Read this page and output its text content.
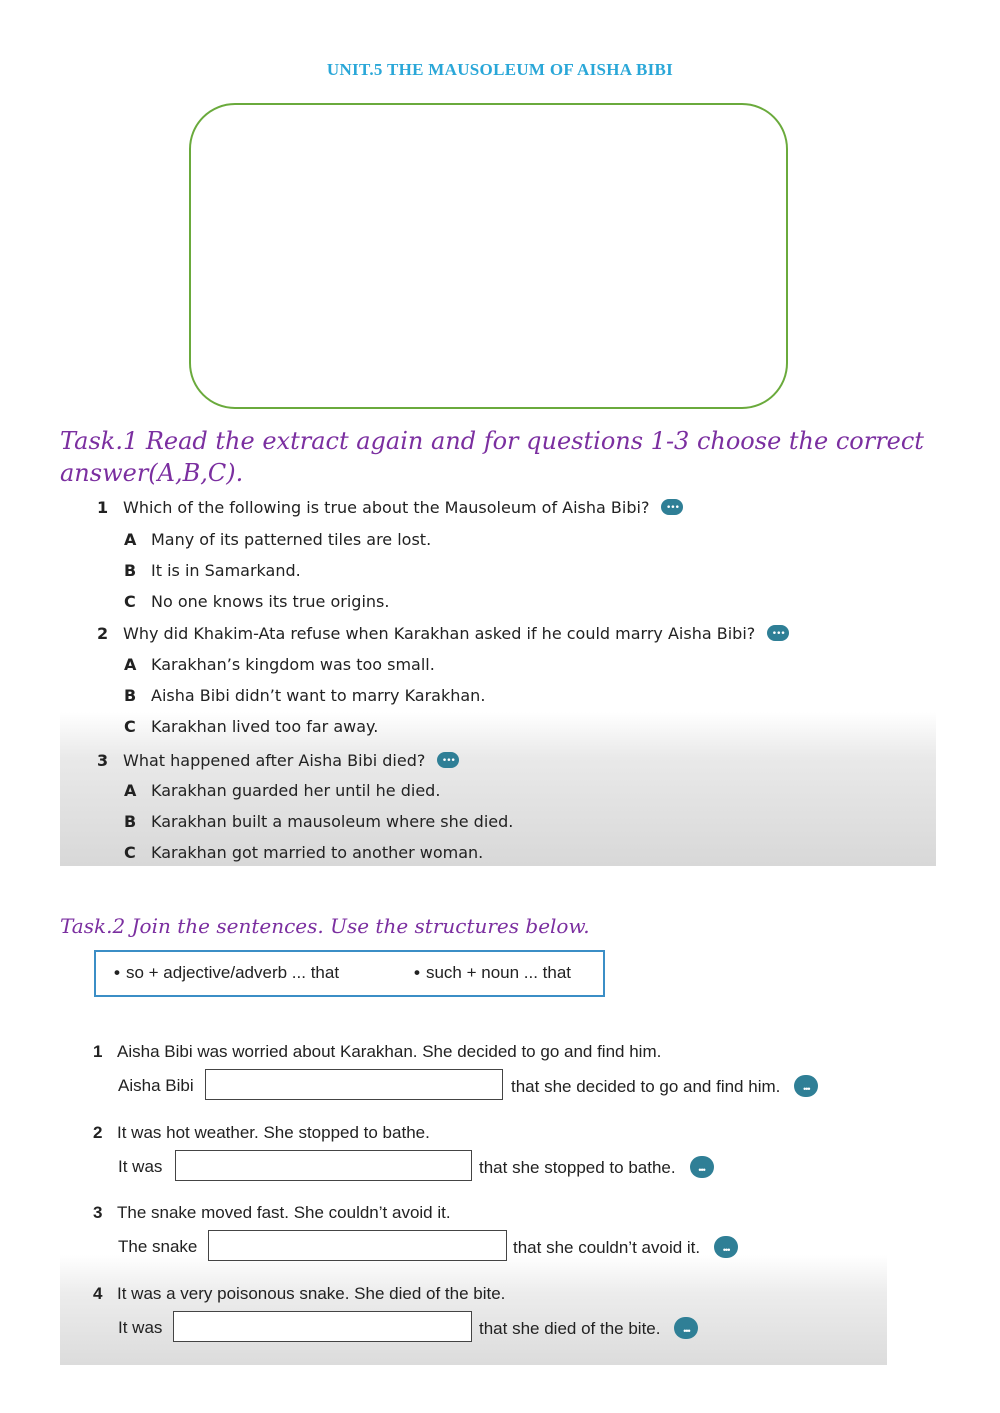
UNIT.5 THE MAUSOLEUM OF AISHA BIBI
Task.1 Read the extract again and for questions 1-3 choose the correct answer(A,B,C).
1 Which of the following is true about the Mausoleum of Aisha Bibi?•••
A Many of its patterned tiles are lost.
B It is in Samarkand.
C No one knows its true origins.
2 Why did Khakim-Ata refuse when Karakhan asked if he could marry Aisha Bibi?•••
A Karakhan’s kingdom was too small.
B Aisha Bibi didn’t want to marry Karakhan.
C Karakhan lived too far away.
3 What happened after Aisha Bibi died?•••
A Karakhan guarded her until he died.
B Karakhan built a mausoleum where she died.
C Karakhan got married to another woman.
Task.2 Join the sentences. Use the structures below.
• so + adjective/adverb ... that	• such + noun ... that
1 Aisha Bibi was worried about Karakhan. She decided to go and find him.
Aisha Bibi	that she decided to go and find him.•••
2 It was hot weather. She stopped to bathe.
It was	that she stopped to bathe.•••
3 The snake moved fast. She couldn’t avoid it.
The snake	that she couldn’t avoid it.•••
4 It was a very poisonous snake. She died of the bite.
It was	that she died of the bite.•••
